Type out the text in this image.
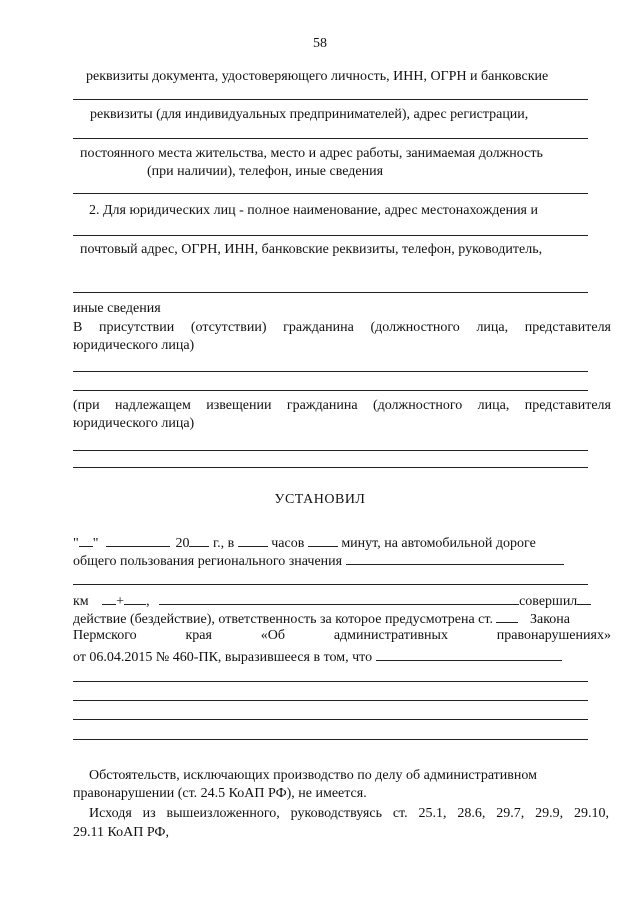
58
реквизиты документа, удостоверяющего личность, ИНН, ОГРН и банковские
реквизиты (для индивидуальных предпринимателей), адрес регистрации,
постоянного места жительства, место и адрес работы, занимаемая должность
(при наличии), телефон, иные сведения
2. Для юридических лиц - полное наименование, адрес местонахождения и
почтовый адрес, ОГРН, ИНН, банковские реквизиты, телефон, руководитель,
иные сведения
В присутствии (отсутствии) гражданина (должностного лица, представителя
юридического лица)
(при надлежащем извещении гражданина (должностного лица, представителя
юридического лица)
УСТАНОВИЛ
" "	20 г., в	часов	минут, на автомобильной дороге
общего пользования регионального значения
км + ,	совершил
действие (бездействие), ответственность за которое предусмотрена ст.	Закона
Пермского	края	«Об	административных	правонарушениях»
от 06.04.2015 № 460-ПК, выразившееся в том, что
Обстоятельств, исключающих производство по делу об административном
правонарушении (ст. 24.5 КоАП РФ), не имеется.
Исходя из вышеизложенного, руководствуясь ст. 25.1, 28.6, 29.7, 29.9, 29.10,
29.11 КоАП РФ,
